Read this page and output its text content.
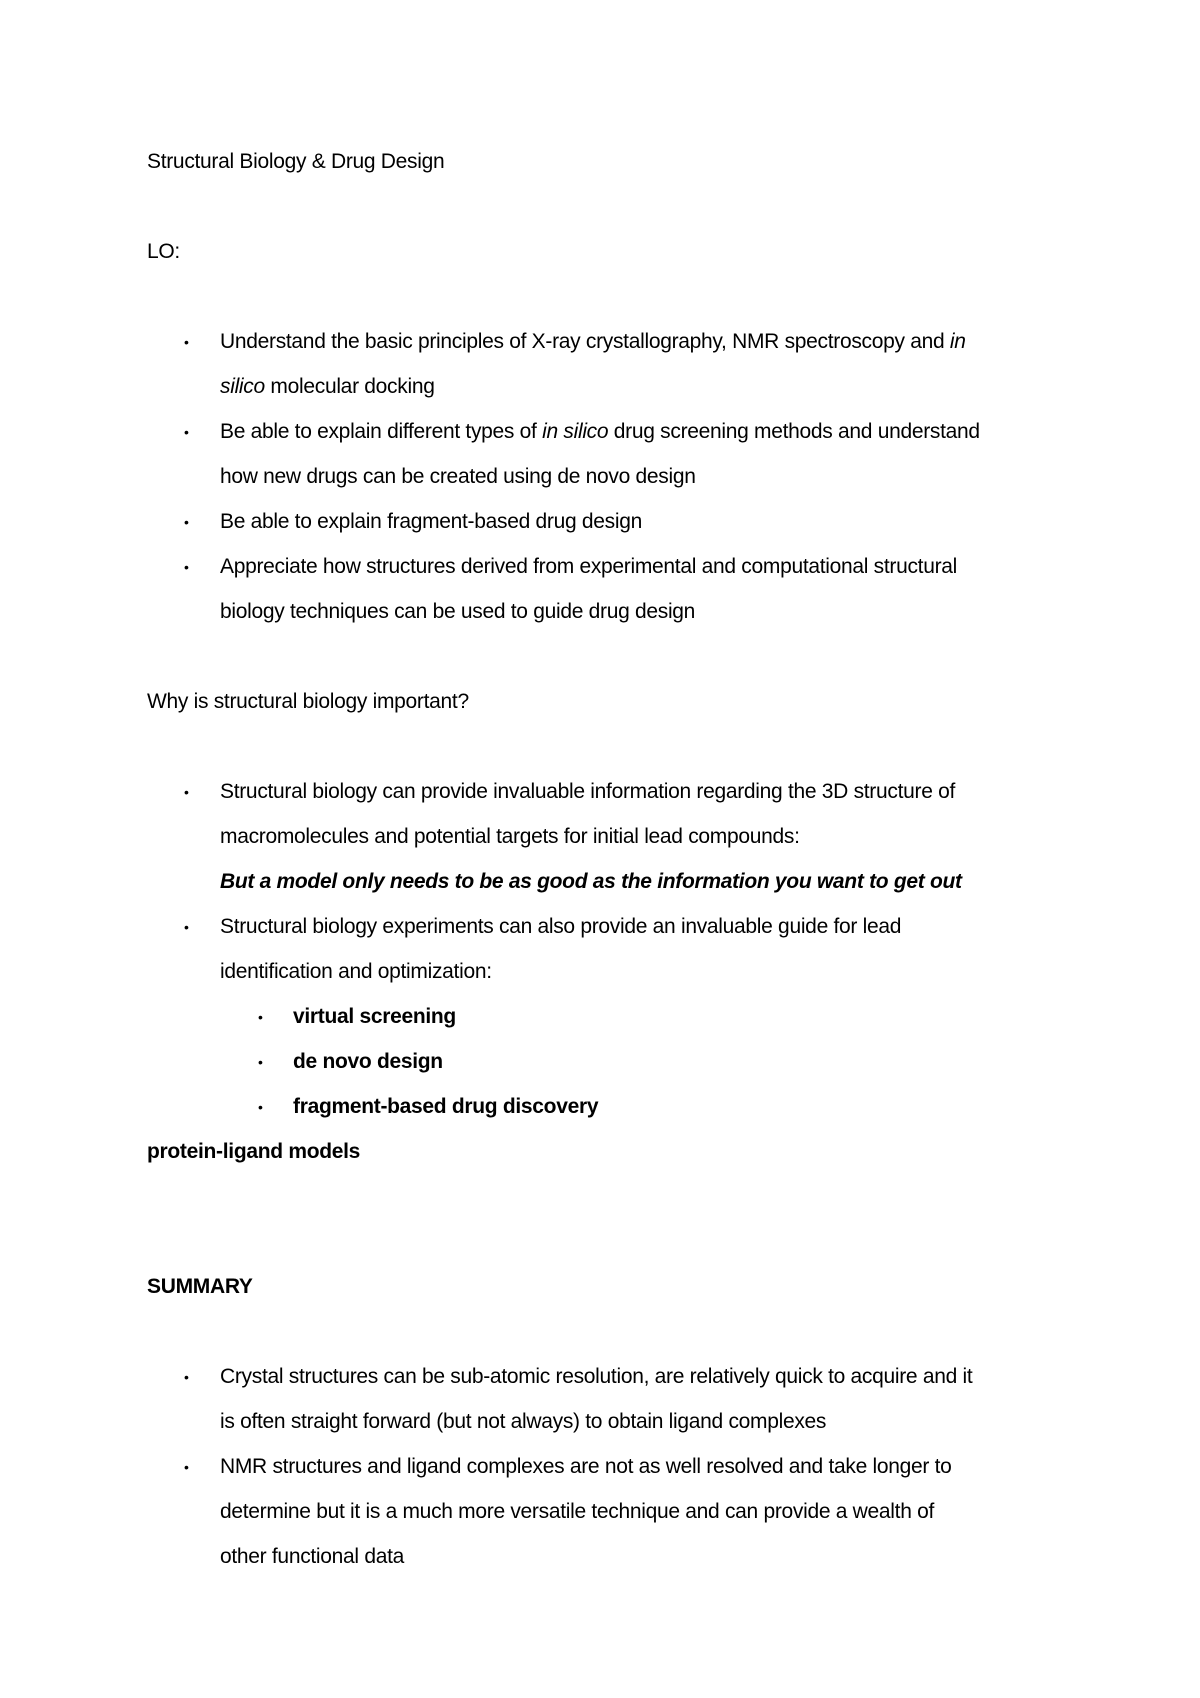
Structural Biology & Drug Design
LO:
• Understand the basic principles of X-ray crystallography, NMR spectroscopy and in
silico molecular docking
• Be able to explain different types of in silico drug screening methods and understand
how new drugs can be created using de novo design
• Be able to explain fragment-based drug design
• Appreciate how structures derived from experimental and computational structural
biology techniques can be used to guide drug design
Why is structural biology important?
• Structural biology can provide invaluable information regarding the 3D structure of
macromolecules and potential targets for initial lead compounds:
But a model only needs to be as good as the information you want to get out
• Structural biology experiments can also provide an invaluable guide for lead
identification and optimization:
• virtual screening
• de novo design
• fragment-based drug discovery
protein-ligand models
SUMMARY
• Crystal structures can be sub-atomic resolution, are relatively quick to acquire and it
is often straight forward (but not always) to obtain ligand complexes
• NMR structures and ligand complexes are not as well resolved and take longer to
determine but it is a much more versatile technique and can provide a wealth of
other functional data
